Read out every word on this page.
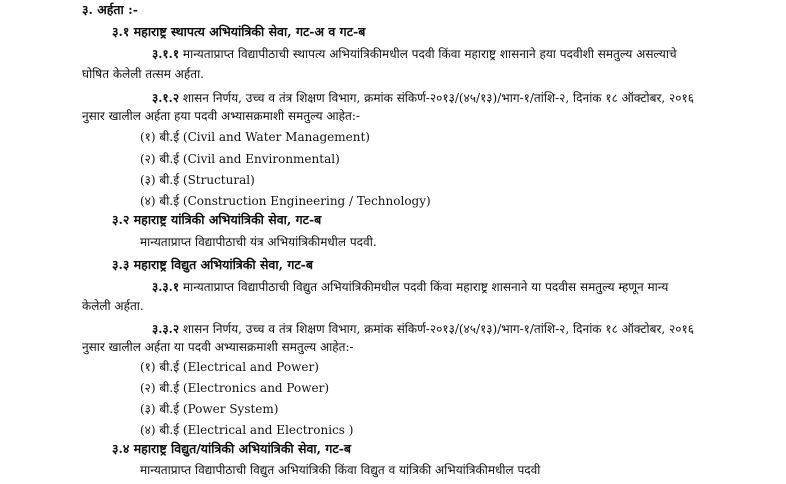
३. अर्हता :-
३.१ महाराष्ट्र स्थापत्य अभियांत्रिकी सेवा, गट-अ व गट-ब
३.१.१ मान्यताप्राप्त विद्यापीठाची स्थापत्य अभियांत्रिकीमधील पदवी किंवा महाराष्ट्र शासनाने हया पदवीशी समतुल्य असल्याचे
घोषित केलेली तत्सम अर्हता.
३.१.२ शासन निर्णय, उच्च व तंत्र शिक्षण विभाग, क्रमांक संकिर्ण-२०१३/(४५/१३)/भाग-१/तांशि-२, दिनांक १८ ऑक्टोबर, २०१६
नुसार खालील अर्हता हया पदवी अभ्यासक्रमाशी समतुल्य आहेत:-
(१) बी.ई (Civil and Water Management)
(२) बी.ई (Civil and Environmental)
(३) बी.ई (Structural)
(४) बी.ई (Construction Engineering / Technology)
३.२ महाराष्ट्र यांत्रिकी अभियांत्रिकी सेवा, गट-ब
मान्यताप्राप्त विद्यापीठाची यंत्र अभियांत्रिकीमधील पदवी.
३.३ महाराष्ट्र विद्युत अभियांत्रिकी सेवा, गट-ब
३.३.१ मान्यताप्राप्त विद्यापीठाची विद्युत अभियांत्रिकीमधील पदवी किंवा महाराष्ट्र शासनाने या पदवीस समतुल्य म्हणून मान्य
केलेली अर्हता.
३.३.२ शासन निर्णय, उच्च व तंत्र शिक्षण विभाग, क्रमांक संकिर्ण-२०१३/(४५/१३)/भाग-१/तांशि-२, दिनांक १८ ऑक्टोबर, २०१६
नुसार खालील अर्हता या पदवी अभ्यासक्रमाशी समतुल्य आहेत:-
(१) बी.ई (Electrical and Power)
(२) बी.ई (Electronics and Power)
(३) बी.ई (Power System)
(४) बी.ई (Electrical and Electronics )
३.४ महाराष्ट्र विद्युत/यांत्रिकी अभियांत्रिकी सेवा, गट-ब
मान्यताप्राप्त विद्यापीठाची विद्युत अभियांत्रिकी किंवा विद्युत व यांत्रिकी अभियांत्रिकीमधील पदवी
